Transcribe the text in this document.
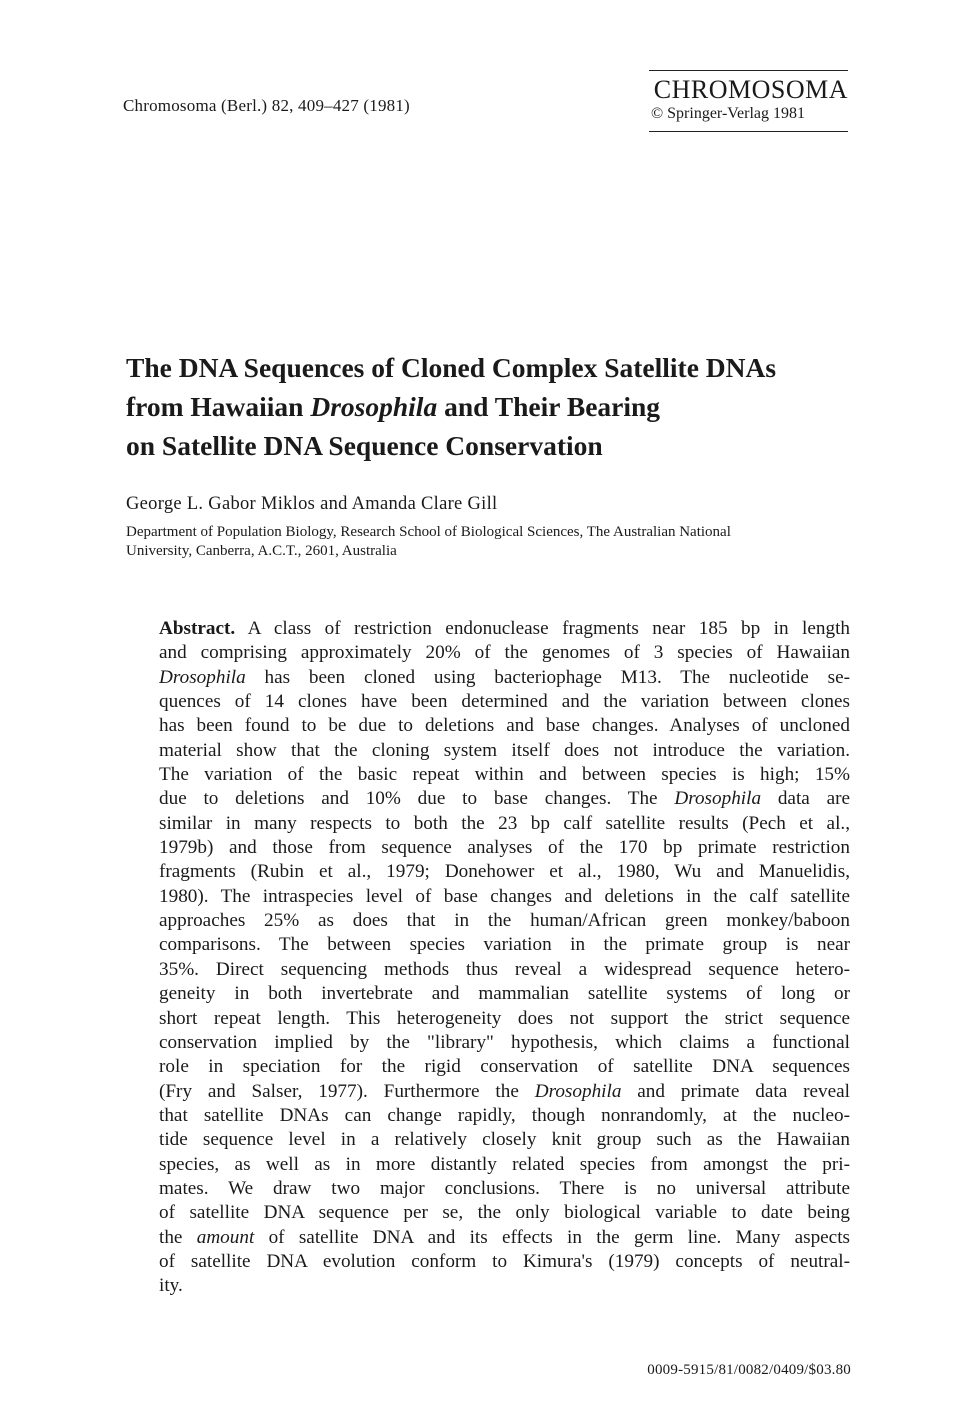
Chromosoma (Berl.) 82, 409–427 (1981)
CHROMOSOMA
© Springer-Verlag 1981
The DNA Sequences of Cloned Complex Satellite DNAs
from Hawaiian Drosophila and Their Bearing
on Satellite DNA Sequence Conservation
George L. Gabor Miklos and Amanda Clare Gill
Department of Population Biology, Research School of Biological Sciences, The Australian National
University, Canberra, A.C.T., 2601, Australia
Abstract. A class of restriction endonuclease fragments near 185 bp in length
and comprising approximately 20% of the genomes of 3 species of Hawaiian
Drosophila has been cloned using bacteriophage M13. The nucleotide se-
quences of 14 clones have been determined and the variation between clones
has been found to be due to deletions and base changes. Analyses of uncloned
material show that the cloning system itself does not introduce the variation.
The variation of the basic repeat within and between species is high; 15%
due to deletions and 10% due to base changes. The Drosophila data are
similar in many respects to both the 23 bp calf satellite results (Pech et al.,
1979b) and those from sequence analyses of the 170 bp primate restriction
fragments (Rubin et al., 1979; Donehower et al., 1980, Wu and Manuelidis,
1980). The intraspecies level of base changes and deletions in the calf satellite
approaches 25% as does that in the human/African green monkey/baboon
comparisons. The between species variation in the primate group is near
35%. Direct sequencing methods thus reveal a widespread sequence hetero-
geneity in both invertebrate and mammalian satellite systems of long or
short repeat length. This heterogeneity does not support the strict sequence
conservation implied by the "library" hypothesis, which claims a functional
role in speciation for the rigid conservation of satellite DNA sequences
(Fry and Salser, 1977). Furthermore the Drosophila and primate data reveal
that satellite DNAs can change rapidly, though nonrandomly, at the nucleo-
tide sequence level in a relatively closely knit group such as the Hawaiian
species, as well as in more distantly related species from amongst the pri-
mates. We draw two major conclusions. There is no universal attribute
of satellite DNA sequence per se, the only biological variable to date being
the amount of satellite DNA and its effects in the germ line. Many aspects
of satellite DNA evolution conform to Kimura's (1979) concepts of neutral-
ity.
0009-5915/81/0082/0409/$03.80
